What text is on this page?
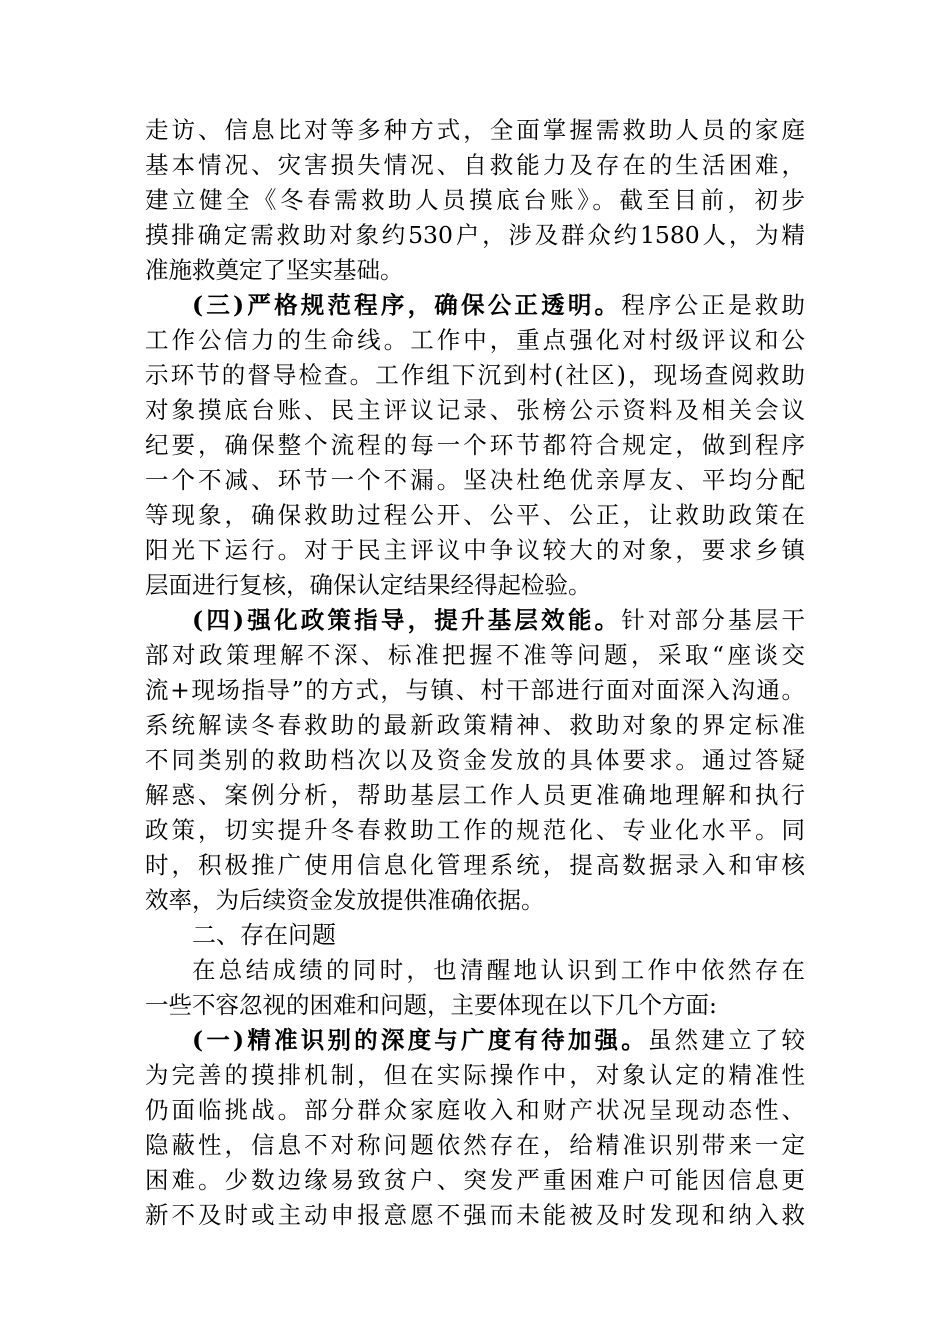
走访、信息比对等多种方式，全面掌握需救助人员的家庭
基本情况、灾害损失情况、自救能力及存在的生活困难，
建立健全《冬春需救助人员摸底台账》。截至目前，初步
摸排确定需救助对象约530户，涉及群众约1580人，为精
准施救奠定了坚实基础。
(三)严格规范程序，确保公正透明。程序公正是救助
工作公信力的生命线。工作中，重点强化对村级评议和公
示环节的督导检查。工作组下沉到村(社区)，现场查阅救助
对象摸底台账、民主评议记录、张榜公示资料及相关会议
纪要，确保整个流程的每一个环节都符合规定，做到程序
一个不减、环节一个不漏。坚决杜绝优亲厚友、平均分配
等现象，确保救助过程公开、公平、公正，让救助政策在
阳光下运行。对于民主评议中争议较大的对象，要求乡镇
层面进行复核，确保认定结果经得起检验。
(四)强化政策指导，提升基层效能。针对部分基层干
部对政策理解不深、标准把握不准等问题，采取“座谈交
流+现场指导”的方式，与镇、村干部进行面对面深入沟通。
系统解读冬春救助的最新政策精神、救助对象的界定标准
不同类别的救助档次以及资金发放的具体要求。通过答疑
解惑、案例分析，帮助基层工作人员更准确地理解和执行
政策，切实提升冬春救助工作的规范化、专业化水平。同
时，积极推广使用信息化管理系统，提高数据录入和审核
效率，为后续资金发放提供准确依据。
二、存在问题
在总结成绩的同时，也清醒地认识到工作中依然存在
一些不容忽视的困难和问题，主要体现在以下几个方面:
(一)精准识别的深度与广度有待加强。虽然建立了较
为完善的摸排机制，但在实际操作中，对象认定的精准性
仍面临挑战。部分群众家庭收入和财产状况呈现动态性、
隐蔽性，信息不对称问题依然存在，给精准识别带来一定
困难。少数边缘易致贫户、突发严重困难户可能因信息更
新不及时或主动申报意愿不强而未能被及时发现和纳入救
